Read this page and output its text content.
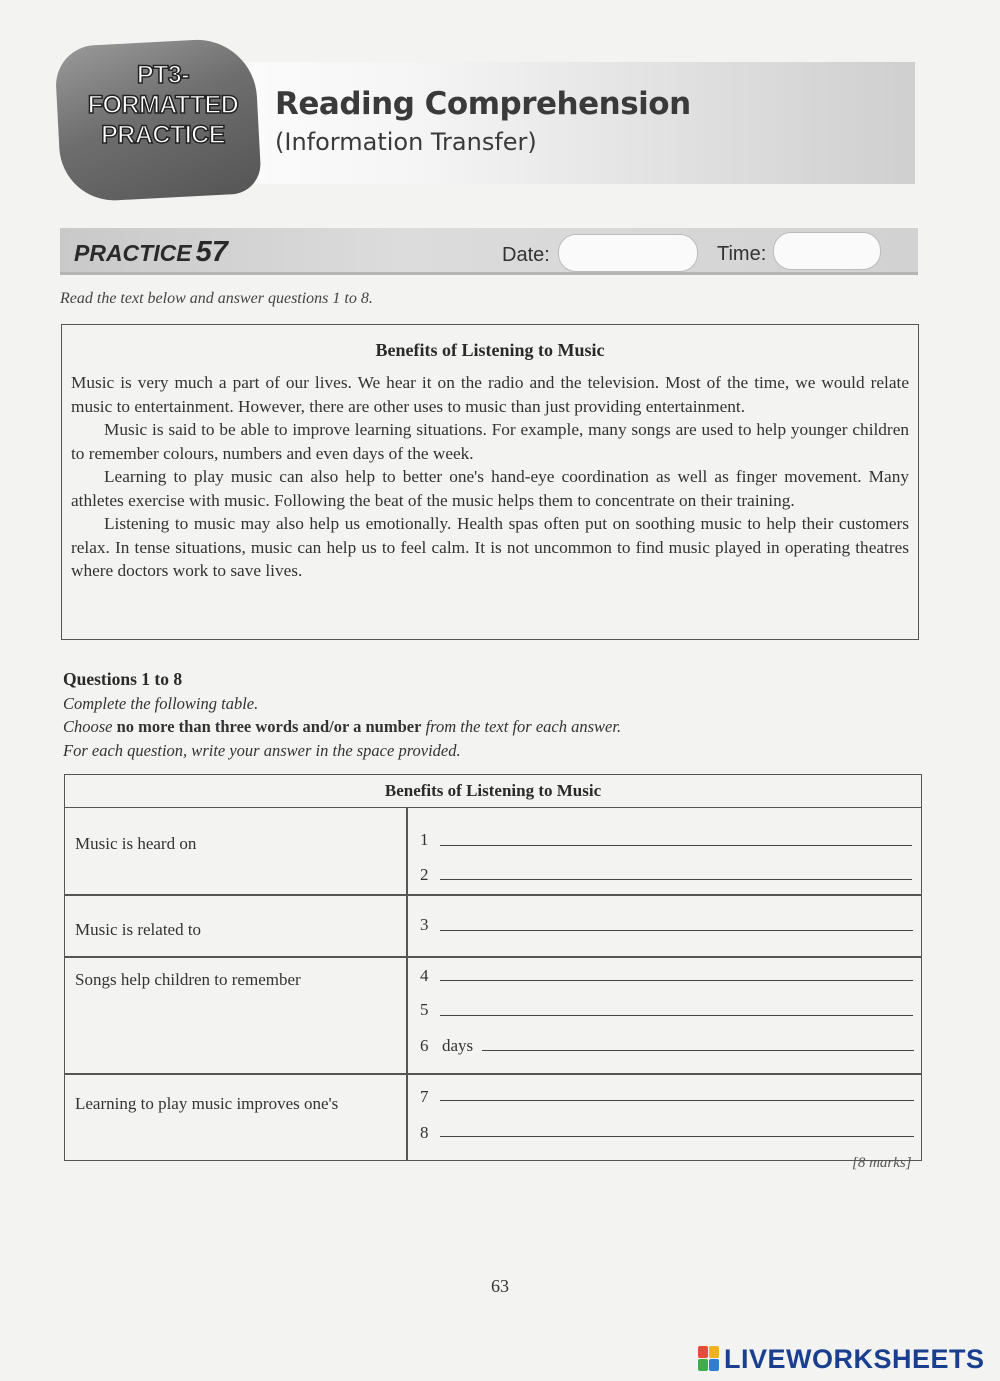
PT3-
FORMATTED
PRACTICE
Reading Comprehension
(Information Transfer)
PRACTICE 57	Date:	Time:
Read the text below and answer questions 1 to 8.
Benefits of Listening to Music

Music is very much a part of our lives. We hear it on the radio and the television. Most of the time, we would relate music to entertainment. However, there are other uses to music than just providing entertainment.

Music is said to be able to improve learning situations. For example, many songs are used to help younger children to remember colours, numbers and even days of the week.

Learning to play music can also help to better one's hand-eye coordination as well as finger movement. Many athletes exercise with music. Following the beat of the music helps them to concentrate on their training.

Listening to music may also help us emotionally. Health spas often put on soothing music to help their customers relax. In tense situations, music can help us to feel calm. It is not uncommon to find music played in operating theatres where doctors work to save lives.

Questions 1 to 8
Complete the following table.
Choose no more than three words and/or a number from the text for each answer.
For each question, write your answer in the space provided.
Benefits of Listening to Music
Music is heard on	1
2
Music is related to	3
Songs help children to remember	4
5
6 days
Learning to play music improves one's	7
8
[8 marks]
63
LIVEWORKSHEETS
